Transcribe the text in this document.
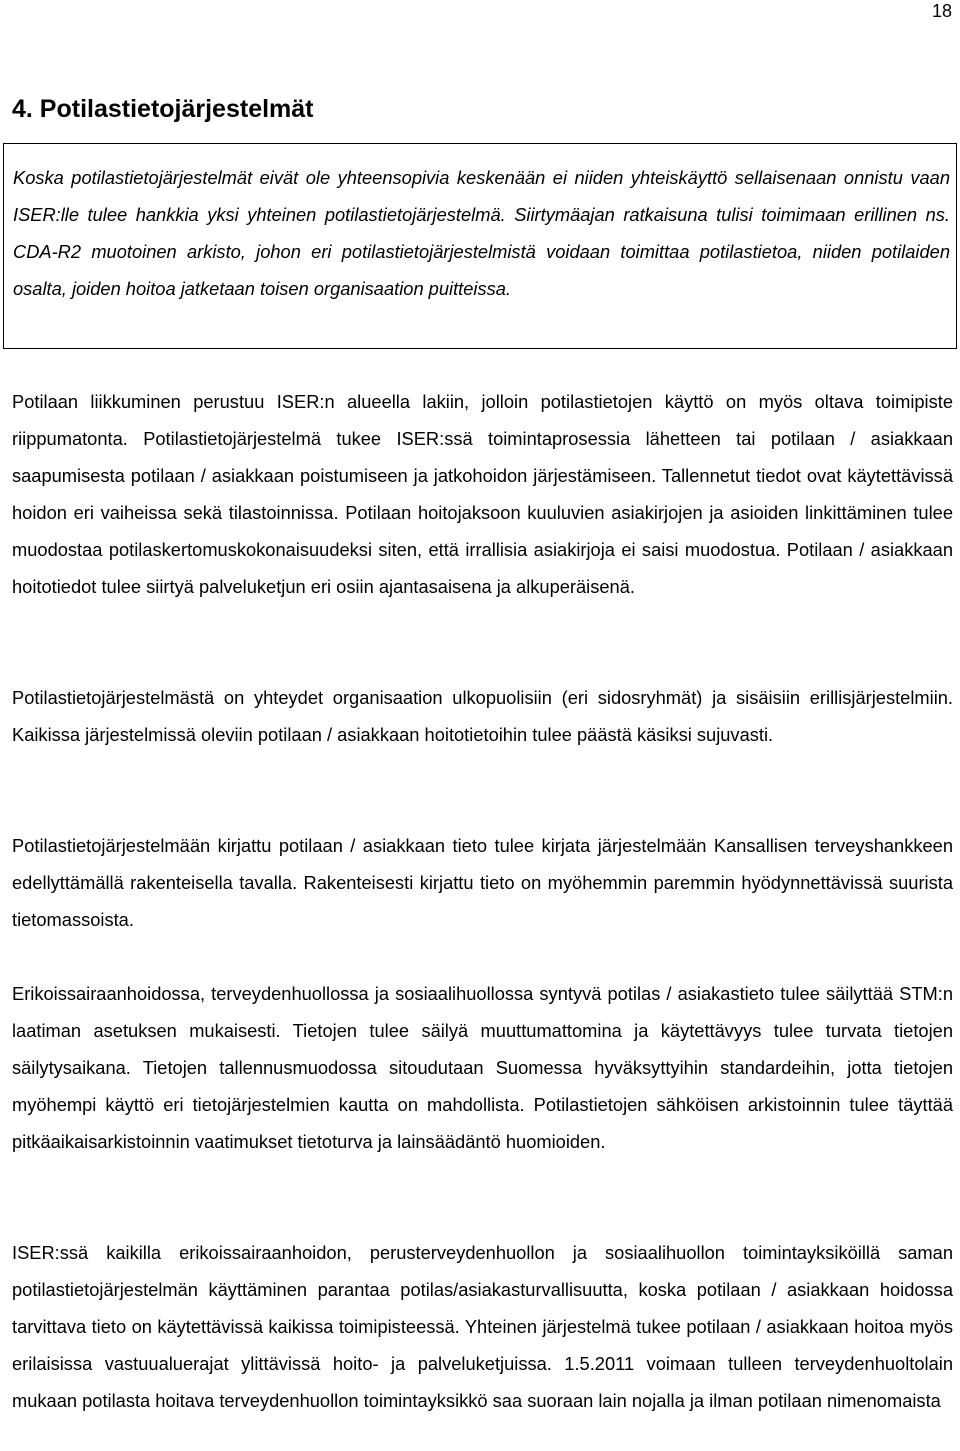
18
4. Potilastietojärjestelmät

Koska potilastietojärjestelmät eivät ole yhteensopivia keskenään ei niiden yhteiskäyttö sellaisenaan onnistu vaan ISER:lle tulee hankkia yksi yhteinen potilastietojärjestelmä. Siirtymäajan ratkaisuna tulisi toimimaan erillinen ns. CDA-R2 muotoinen arkisto, johon eri potilastietojärjestelmistä voidaan toimittaa potilastietoa, niiden potilaiden osalta, joiden hoitoa jatketaan toisen organisaation puitteissa.

Potilaan liikkuminen perustuu ISER:n alueella lakiin, jolloin potilastietojen käyttö on myös oltava toimipiste riippumatonta. Potilastietojärjestelmä tukee ISER:ssä toimintaprosessia lähetteen tai potilaan / asiakkaan saapumisesta potilaan / asiakkaan poistumiseen ja jatkohoidon järjestämiseen. Tallennetut tiedot ovat käytettävissä hoidon eri vaiheissa sekä tilastoinnissa. Potilaan hoitojaksoon kuuluvien asiakirjojen ja asioiden linkittäminen tulee muodostaa potilaskertomuskokonaisuudeksi siten, että irrallisia asiakirjoja ei saisi muodostua. Potilaan / asiakkaan hoitotiedot tulee siirtyä palveluketjun eri osiin ajantasaisena ja alkuperäisenä.

Potilastietojärjestelmästä on yhteydet organisaation ulkopuolisiin (eri sidosryhmät) ja sisäisiin erillisjärjestelmiin. Kaikissa järjestelmissä oleviin potilaan / asiakkaan hoitotietoihin tulee päästä käsiksi sujuvasti.

Potilastietojärjestelmään kirjattu potilaan / asiakkaan tieto tulee kirjata järjestelmään Kansallisen terveyshankkeen edellyttämällä rakenteisella tavalla. Rakenteisesti kirjattu tieto on myöhemmin paremmin hyödynnettävissä suurista tietomassoista.

Erikoissairaanhoidossa, terveydenhuollossa ja sosiaalihuollossa syntyvä potilas / asiakastieto tulee säilyttää STM:n laatiman asetuksen mukaisesti. Tietojen tulee säilyä muuttumattomina ja käytettävyys tulee turvata tietojen säilytysaikana. Tietojen tallennusmuodossa sitoudutaan Suomessa hyväksyttyihin standardeihin, jotta tietojen myöhempi käyttö eri tietojärjestelmien kautta on mahdollista. Potilastietojen sähköisen arkistoinnin tulee täyttää pitkäaikaisarkistoinnin vaatimukset tietoturva ja lainsäädäntö huomioiden.

ISER:ssä kaikilla erikoissairaanhoidon, perusterveydenhuollon ja sosiaalihuollon toimintayksiköillä saman potilastietojärjestelmän käyttäminen parantaa potilas/asiakasturvallisuutta, koska potilaan / asiakkaan hoidossa tarvittava tieto on käytettävissä kaikissa toimipisteessä. Yhteinen järjestelmä tukee potilaan / asiakkaan hoitoa myös erilaisissa vastuualuerajat ylittävissä hoito- ja palveluketjuissa. 1.5.2011 voimaan tulleen terveydenhuoltolain mukaan potilasta hoitava terveydenhuollon toimintayksikkö saa suoraan lain nojalla ja ilman potilaan nimenomaista
